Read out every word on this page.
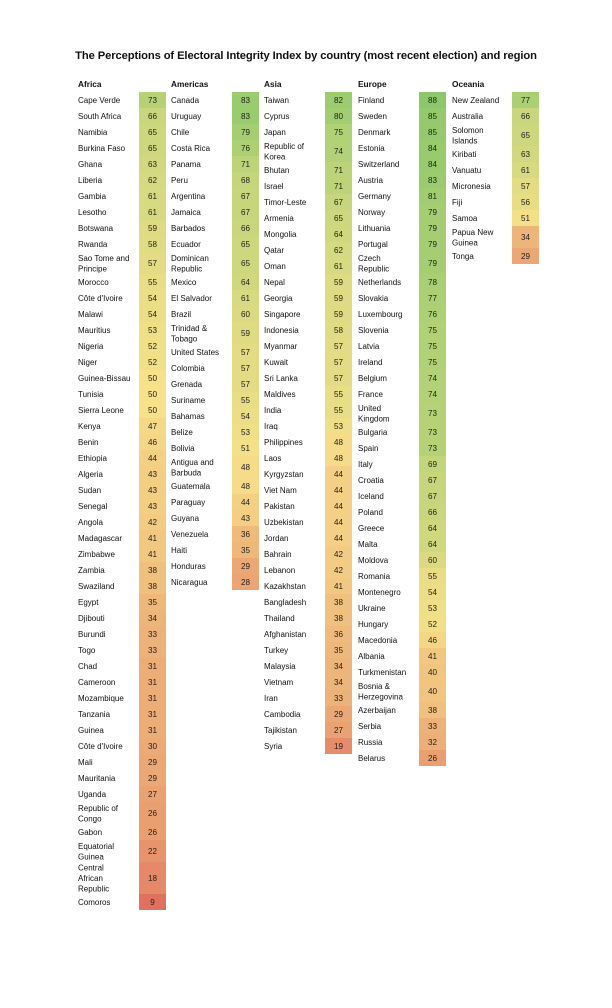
The Perceptions of Electoral Integrity Index by country (most recent election) and region
Africa
Cape Verde	73
South Africa	66
Namibia	65
Burkina Faso	65
Ghana	63
Liberia	62
Gambia	61
Lesotho	61
Botswana	59
Rwanda	58
Sao Tome and Principe
57
Morocco	55
Côte d'Ivoire	54
Malawi	54
Mauritius	53
Nigeria	52
Niger	52
Guinea-Bissau 50
Tunisia	50
Sierra Leone	50
Kenya	47
Benin	46
Ethiopia	44
Algeria	43
Sudan	43
Senegal	43
Angola	42
Madagascar	41
Zimbabwe	41
Zambia	38
Swaziland	38
Egypt	35
Djibouti	34
Burundi	33
Togo	33
Chad	31
Cameroon	31
Mozambique	31
Tanzania	31
Guinea	31
Côte d'Ivoire	30
Mali	29
Mauritania	29
Uganda	27
Republic of Congo
26
Gabon	26
Equatorial Guinea
22
Central African Republic
18
Comoros	9
Americas
Canada	83
Uruguay	83
Chile	79
Costa Rica	76
Panama	71
Peru	68
Argentina	67
Jamaica	67
Barbados	66
Ecuador	65
Dominican Republic
65
Mexico	64
El Salvador	61
Brazil	60
Trinidad & Tobago
59
United States	57
Colombia	57
Grenada	57
Suriname	55
Bahamas	54
Belize	53
Bolivia	51
Antigua and Barbuda
48
Guatemala	48
Paraguay	44
Guyana	43
Venezuela	36
Haiti	35
Honduras	29
Nicaragua	28
Asia
Taiwan	82
Cyprus	80
Japan	75
Republic of Korea
74
Bhutan	71
Israel	71
Timor-Leste	67
Armenia	65
Mongolia	64
Qatar	62
Oman	61
Nepal	59
Georgia	59
Singapore	59
Indonesia	58
Myanmar	57
Kuwait	57
Sri Lanka	57
Maldives	55
India	55
Iraq	53
Philippines	48
Laos	48
Kyrgyzstan	44
Viet Nam	44
Pakistan	44
Uzbekistan	44
Jordan	44
Bahrain	42
Lebanon	42
Kazakhstan	41
Bangladesh	38
Thailand	38
Afghanistan	36
Turkey	35
Malaysia	34
Vietnam	34
Iran	33
Cambodia	29
Tajikistan	27
Syria	19
Europe
Finland	88
Sweden	85
Denmark	85
Estonia	84
Switzerland	84
Austria	83
Germany	81
Norway	79
Lithuania	79
Portugal	79
Czech Republic
79
Netherlands	78
Slovakia	77
Luxembourg	76
Slovenia	75
Latvia	75
Ireland	75
Belgium	74
France	74
United Kingdom
73
Bulgaria	73
Spain	73
Italy	69
Croatia	67
Iceland	67
Poland	66
Greece	64
Malta	64
Moldova	60
Romania	55
Montenegro	54
Ukraine	53
Hungary	52
Macedonia	46
Albania	41
Turkmenistan	40
Bosnia & Herzegovina
40
Azerbaijan	38
Serbia	33
Russia	32
Belarus	26
Oceania
New Zealand	77
Australia	66
Solomon Islands
65
Kiribati	63
Vanuatu	61
Micronesia	57
Fiji	56
Samoa	51
Papua New Guinea
34
Tonga	29
